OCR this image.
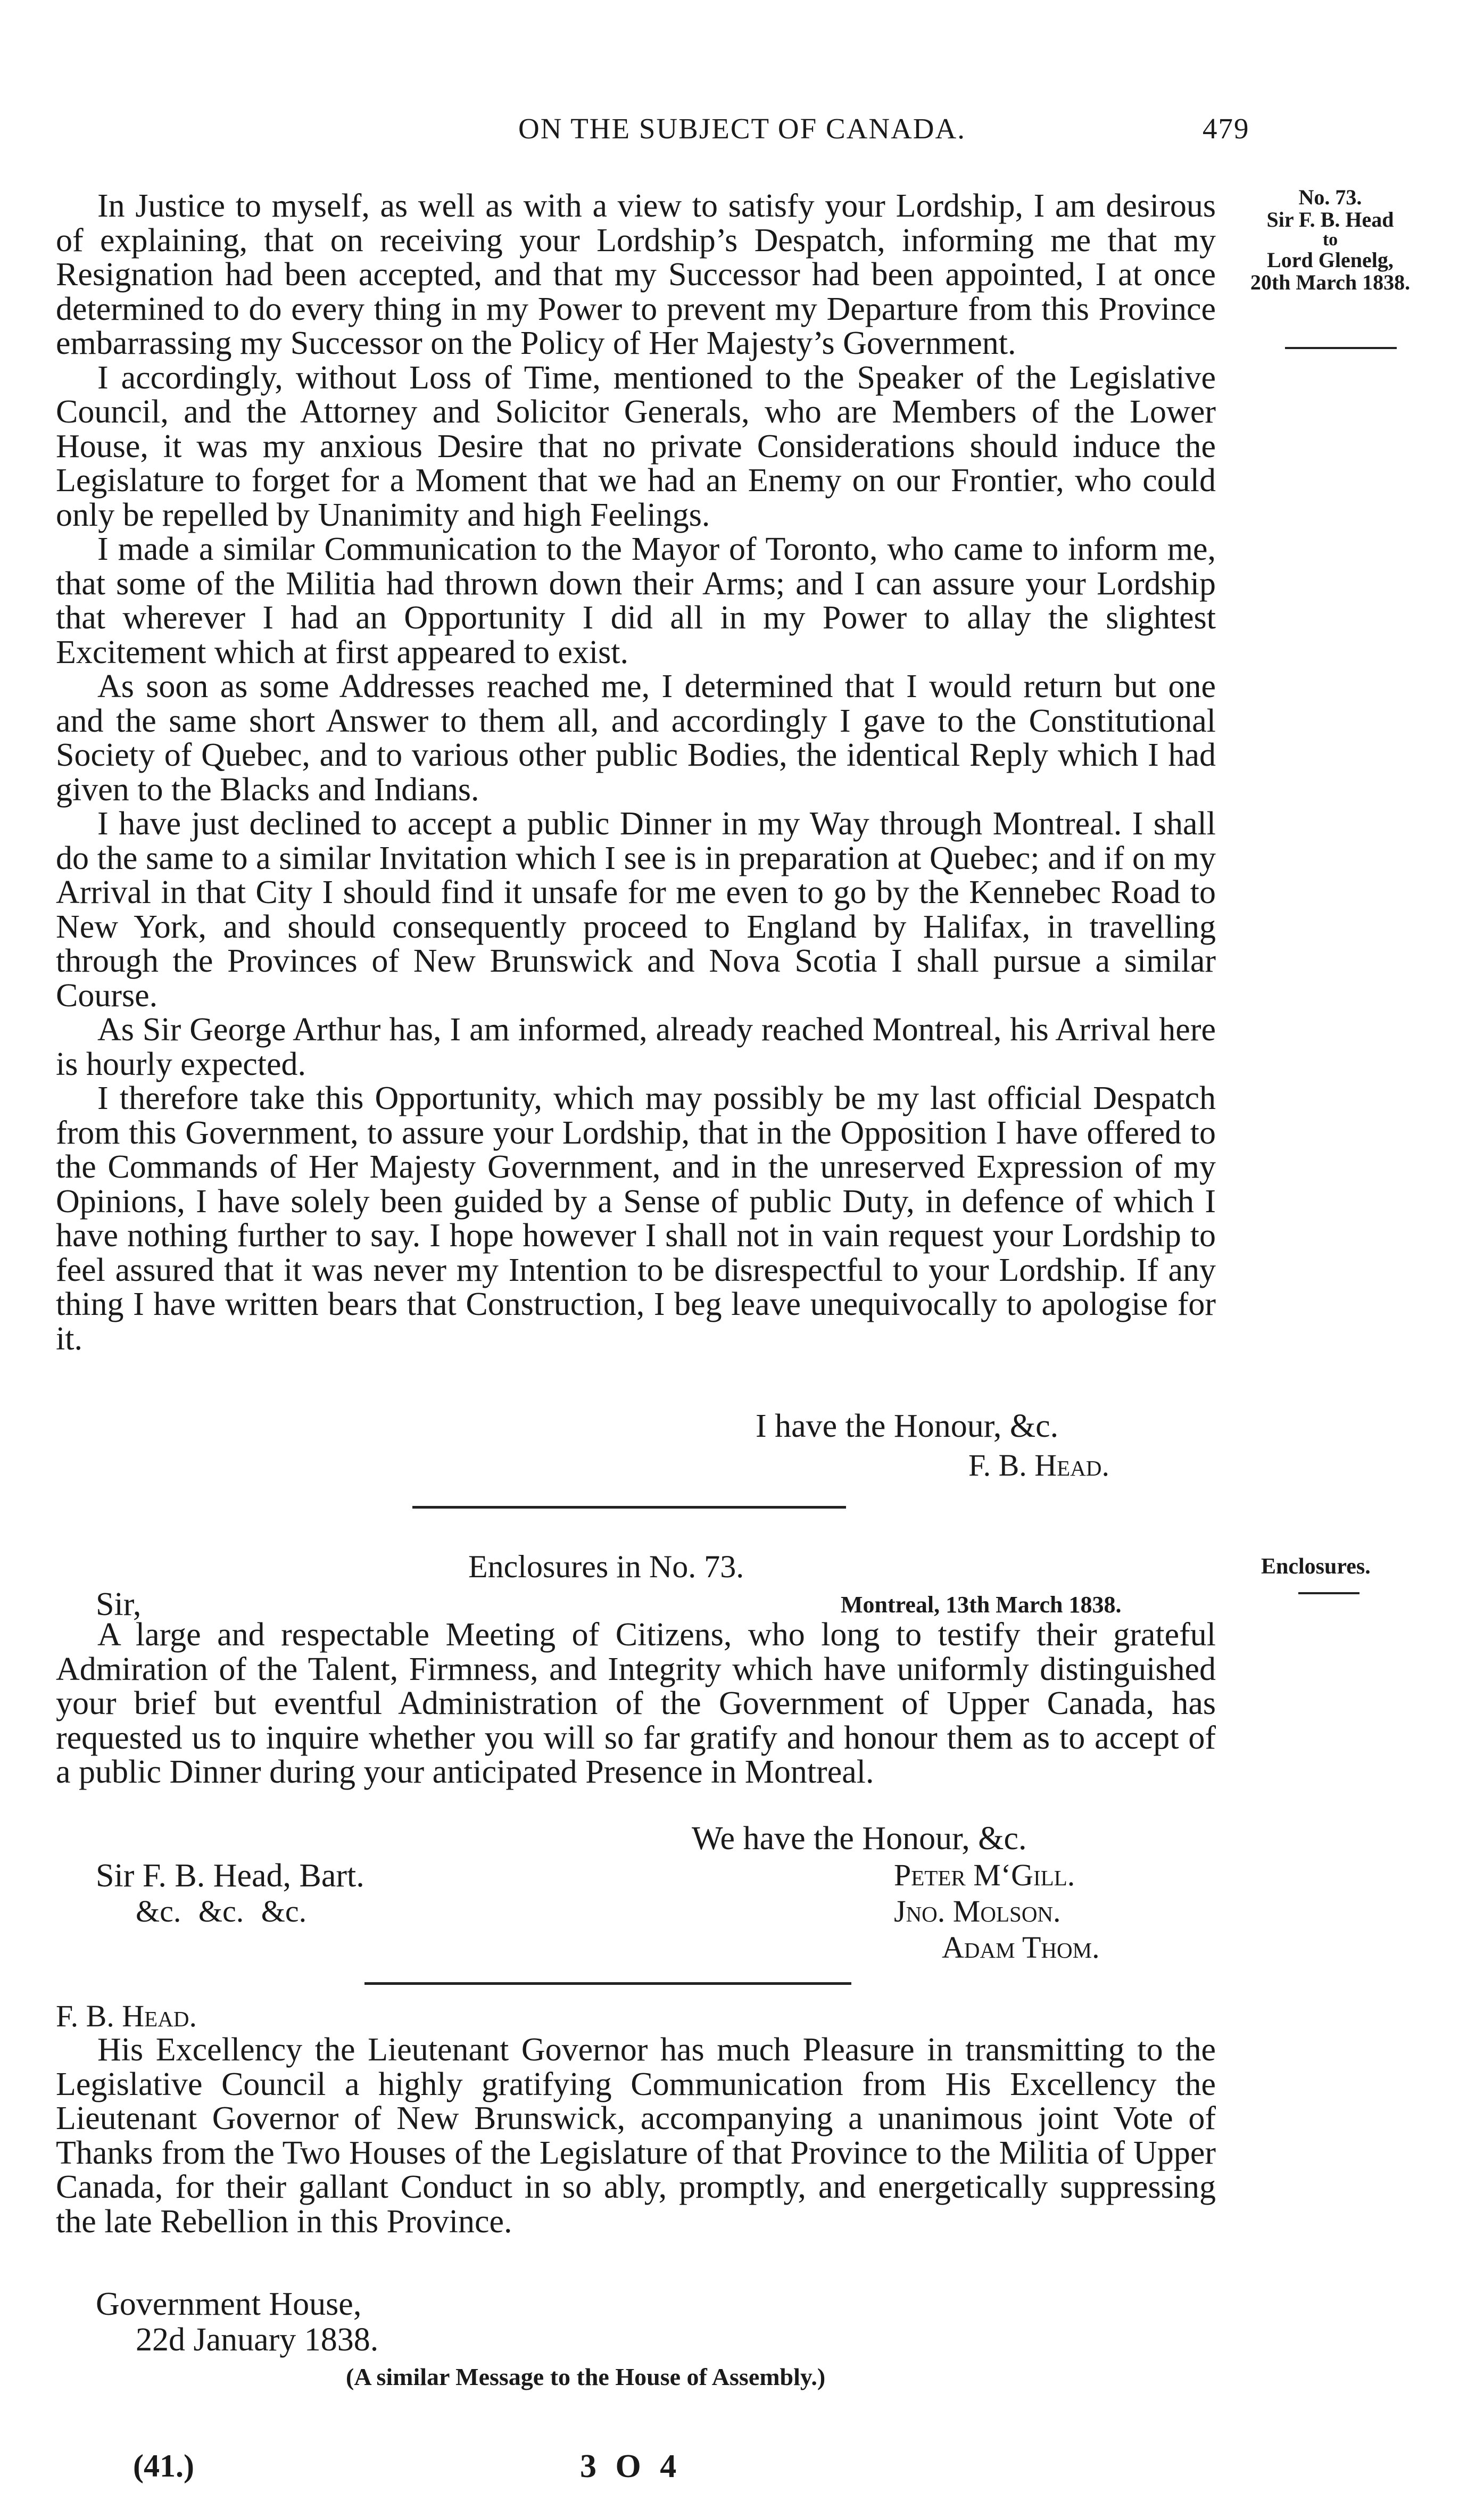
ON THE SUBJECT OF CANADA.	479
No. 73.
Sir F. B. Head
to
Lord Glenelg,
20th March 1838.

In Justice to myself, as well as with a view to satisfy your Lordship, I am desirous of explaining, that on receiving your Lordship’s Despatch, informing me that my Resignation had been accepted, and that my Successor had been appointed, I at once determined to do every thing in my Power to prevent my Departure from this Province embarrassing my Successor on the Policy of Her Majesty’s Government.

I accordingly, without Loss of Time, mentioned to the Speaker of the Legislative Council, and the Attorney and Solicitor Generals, who are Members of the Lower House, it was my anxious Desire that no private Considerations should induce the Legislature to forget for a Moment that we had an Enemy on our Frontier, who could only be repelled by Unanimity and high Feelings.

I made a similar Communication to the Mayor of Toronto, who came to inform me, that some of the Militia had thrown down their Arms; and I can assure your Lordship that wherever I had an Opportunity I did all in my Power to allay the slightest Excitement which at first appeared to exist.

As soon as some Addresses reached me, I determined that I would return but one and the same short Answer to them all, and accordingly I gave to the Constitutional Society of Quebec, and to various other public Bodies, the identical Reply which I had given to the Blacks and Indians.

I have just declined to accept a public Dinner in my Way through Montreal. I shall do the same to a similar Invitation which I see is in preparation at Quebec; and if on my Arrival in that City I should find it unsafe for me even to go by the Kennebec Road to New York, and should consequently proceed to England by Halifax, in travelling through the Provinces of New Brunswick and Nova Scotia I shall pursue a similar Course.

As Sir George Arthur has, I am informed, already reached Montreal, his Arrival here is hourly expected.

I therefore take this Opportunity, which may possibly be my last official Despatch from this Government, to assure your Lordship, that in the Opposition I have offered to the Commands of Her Majesty Government, and in the unreserved Expression of my Opinions, I have solely been guided by a Sense of public Duty, in defence of which I have nothing further to say. I hope however I shall not in vain request your Lordship to feel assured that it was never my Intention to be disrespectful to your Lordship. If any thing I have written bears that Construction, I beg leave unequivocally to apologise for it.

I have the Honour, &c.
F. B. Head.
Enclosures in No. 73.	Enclosures.
Sir,	Montreal, 13th March 1838.

A large and respectable Meeting of Citizens, who long to testify their grateful Admiration of the Talent, Firmness, and Integrity which have uniformly distinguished your brief but eventful Administration of the Government of Upper Canada, has requested us to inquire whether you will so far gratify and honour them as to accept of a public Dinner during your anticipated Presence in Montreal.

We have the Honour, &c.
Sir F. B. Head, Bart.
&c. &c. &c.
Peter M‘Gill.
Jno. Molson.
Adam Thom.
F. B. Head.

His Excellency the Lieutenant Governor has much Pleasure in transmitting to the Legislative Council a highly gratifying Communication from His Excellency the Lieutenant Governor of New Brunswick, accompanying a unanimous joint Vote of Thanks from the Two Houses of the Legislature of that Province to the Militia of Upper Canada, for their gallant Conduct in so ably, promptly, and energetically suppressing the late Rebellion in this Province.

Government House,
22d January 1838.
(A similar Message to the House of Assembly.)
(41.)	3 O 4
